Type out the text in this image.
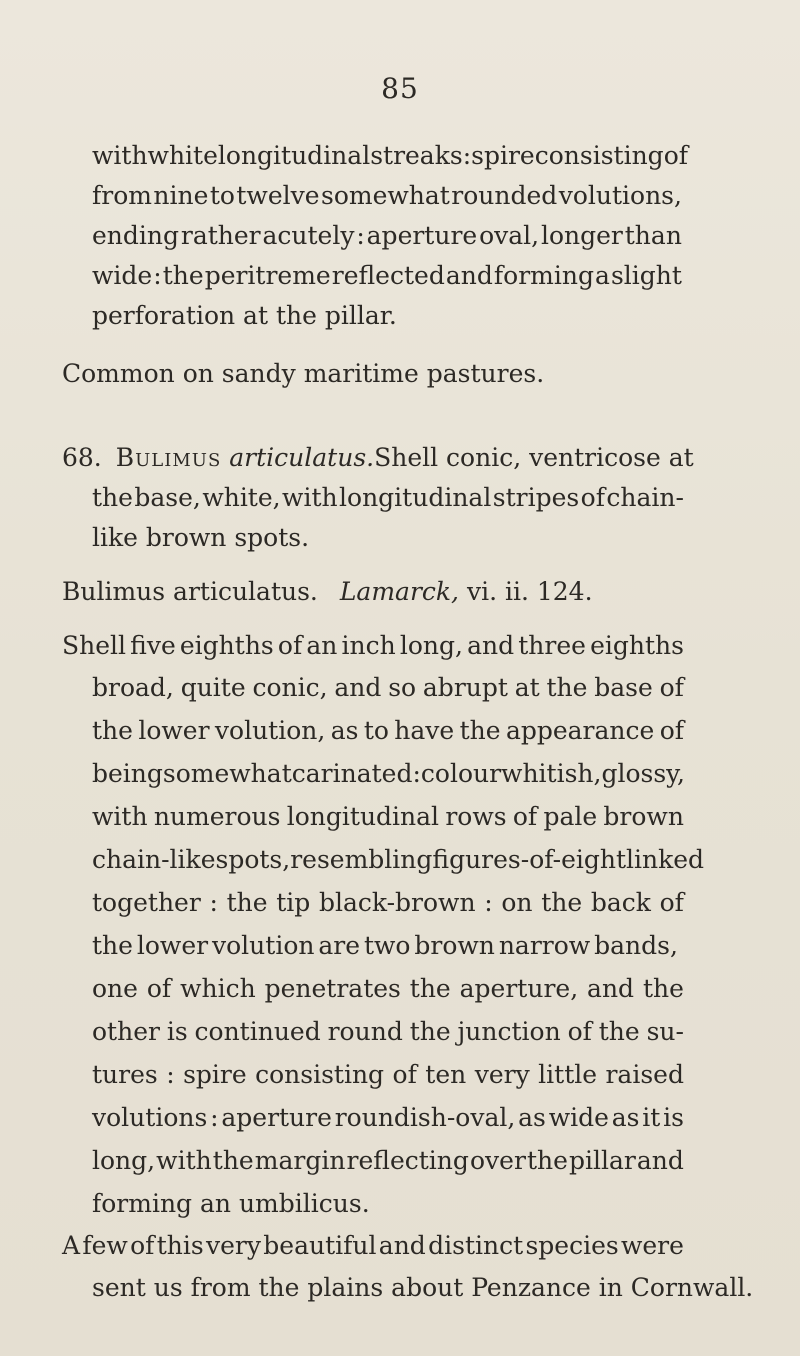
85
with white longitudinal streaks : spire consisting of
from nine to twelve somewhat rounded volutions,
ending rather acutely : aperture oval, longer than
wide : the peritreme reflected and forming a slight
perforation at the pillar.
Common on sandy maritime pastures.
68. Bulimus articulatus. Shell conic, ventricose at
the base, white, with longitudinal stripes of chain-
like brown spots.
Bulimus articulatus. Lamarck, vi. ii. 124.
Shell five eighths of an inch long, and three eighths
broad, quite conic, and so abrupt at the base of
the lower volution, as to have the appearance of
being somewhat carinated : colour whitish, glossy,
with numerous longitudinal rows of pale brown
chain-like spots, resembling figures-of-eight linked
together : the tip black-brown : on the back of
the lower volution are two brown narrow bands,
one of which penetrates the aperture, and the
other is continued round the junction of the su-
tures : spire consisting of ten very little raised
volutions : aperture roundish-oval, as wide as it is
long, with the margin reflecting over the pillar and
forming an umbilicus.
A few of this very beautiful and distinct species were
sent us from the plains about Penzance in Cornwall.
